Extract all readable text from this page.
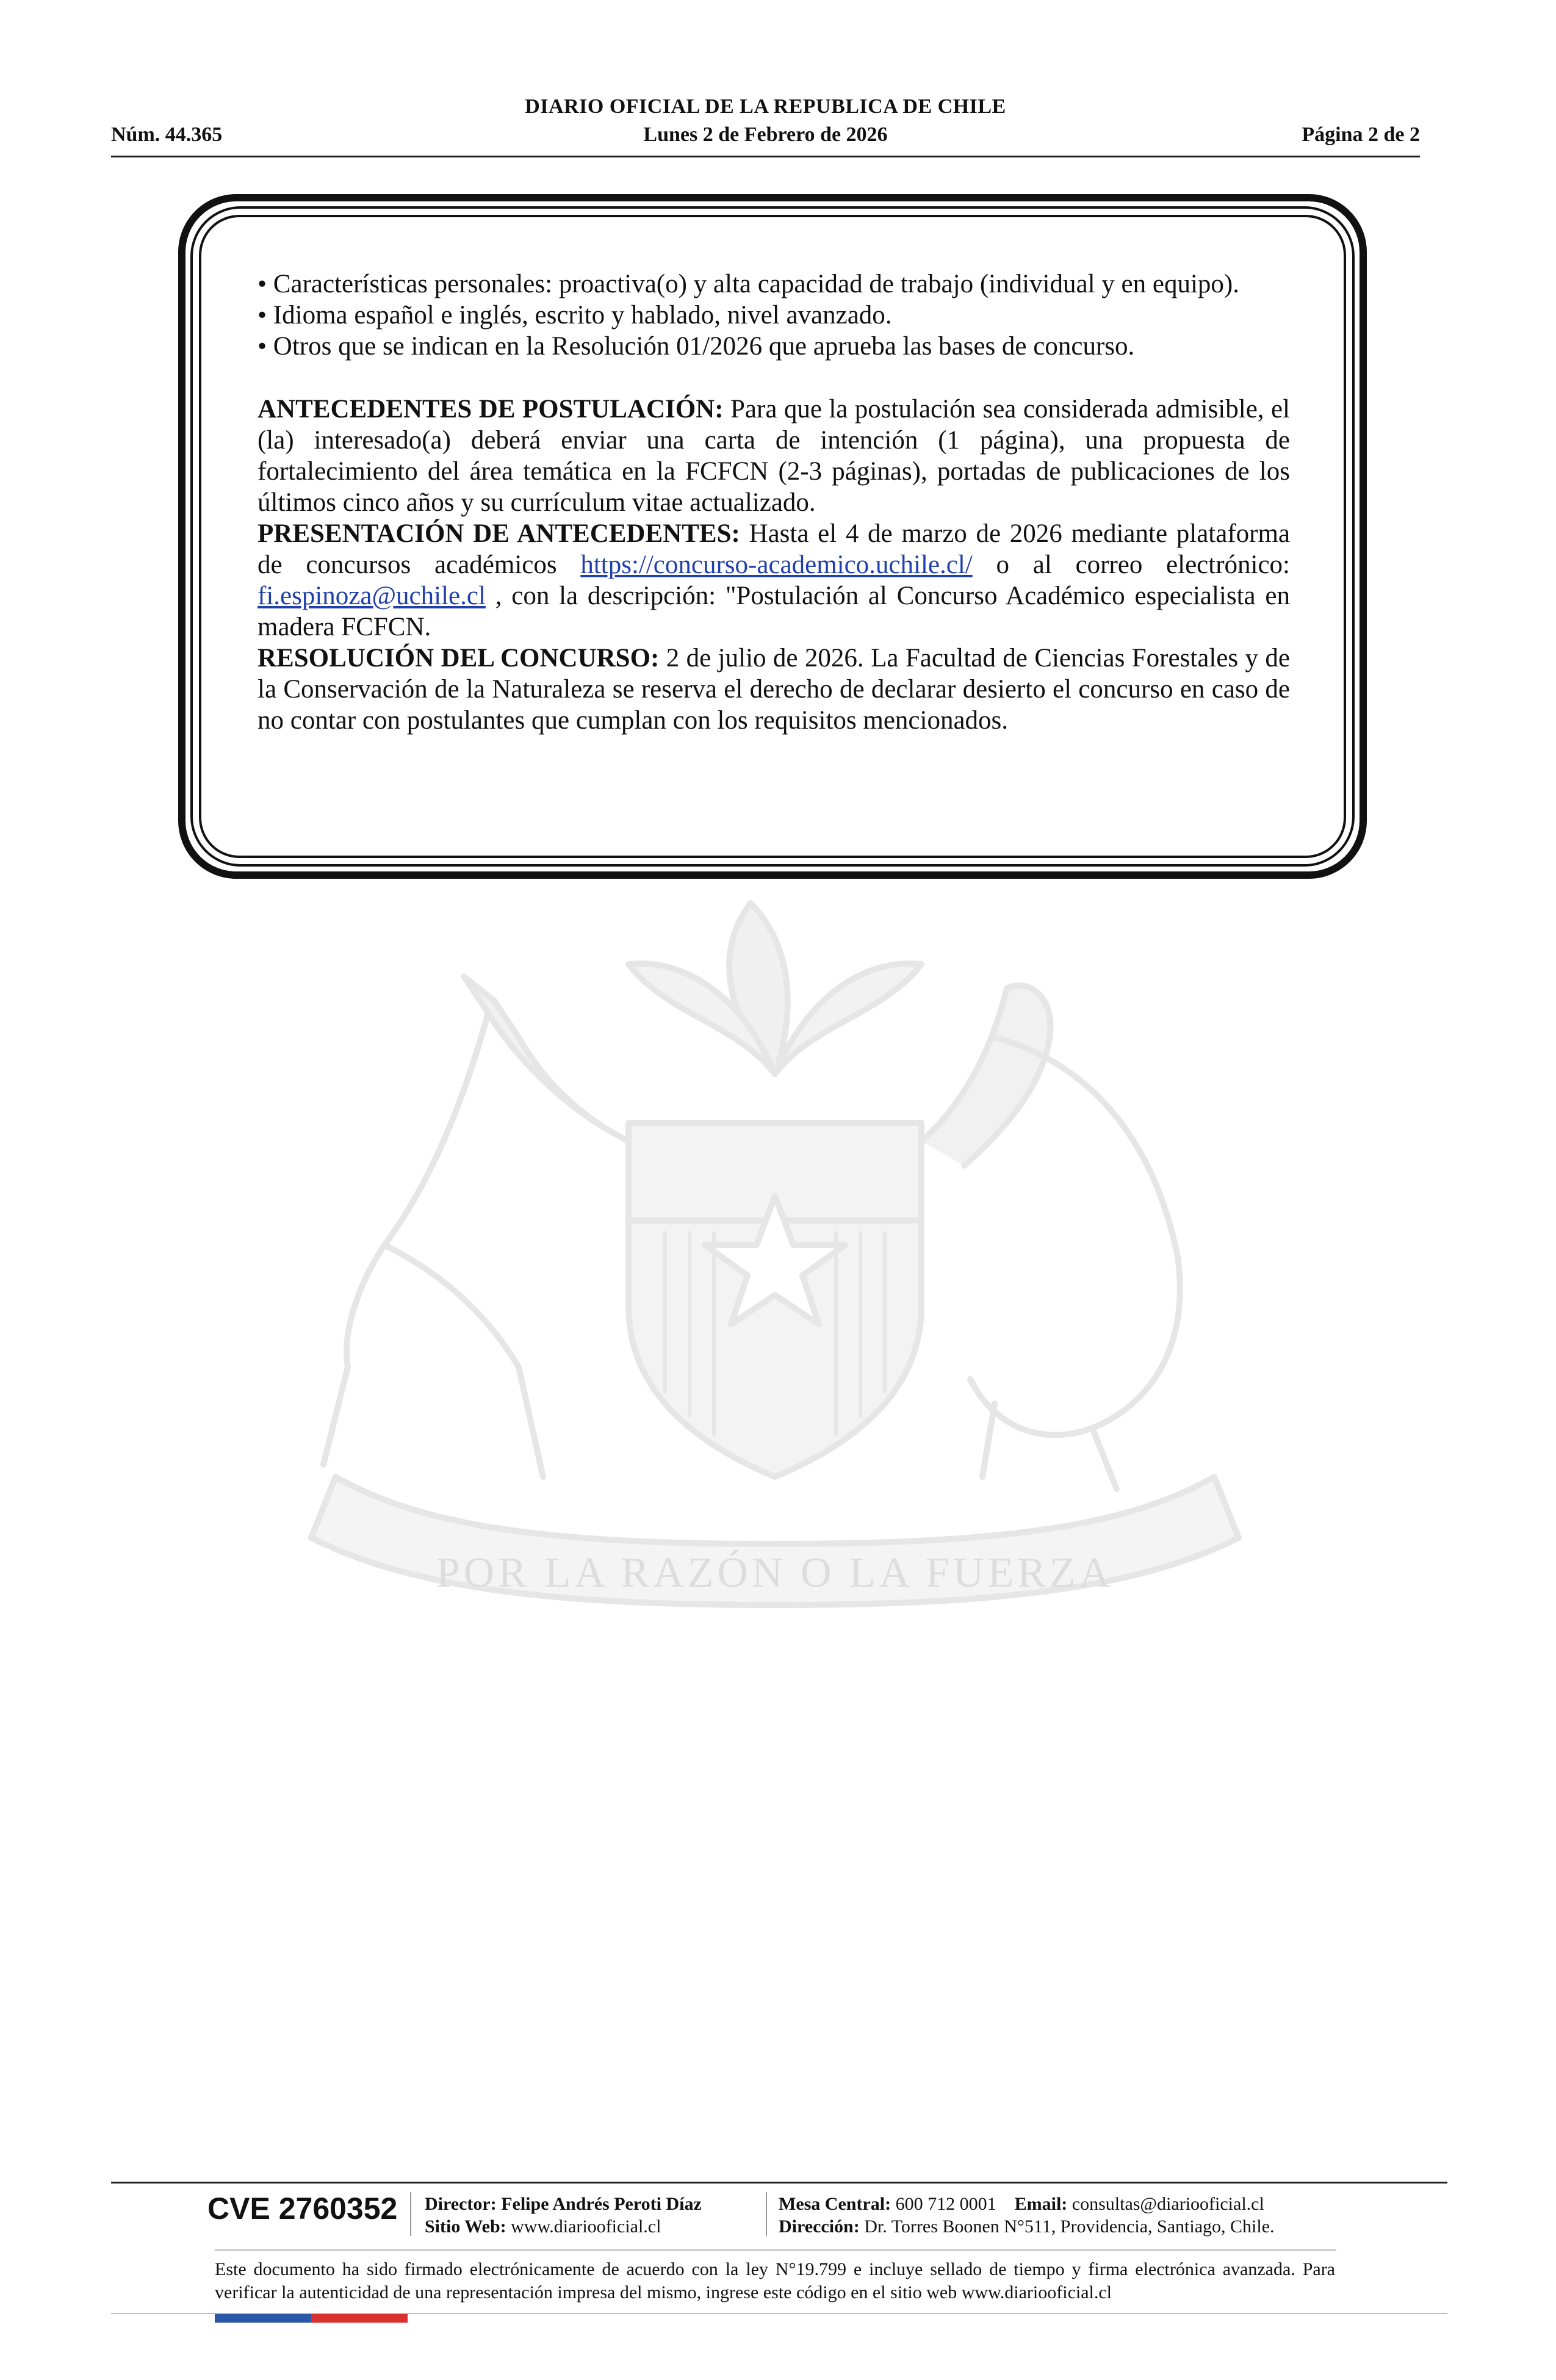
DIARIO OFICIAL DE LA REPUBLICA DE CHILE
Núm. 44.365	Lunes 2 de Febrero de 2026	Página 2 de 2

• Características personales: proactiva(o) y alta capacidad de trabajo (individual y en equipo).

• Idioma español e inglés, escrito y hablado, nivel avanzado.

• Otros que se indican en la Resolución 01/2026 que aprueba las bases de concurso.

ANTECEDENTES DE POSTULACIÓN: Para que la postulación sea considerada admisible, el (la) interesado(a) deberá enviar una carta de intención (1 página), una propuesta de fortalecimiento del área temática en la FCFCN (2-3 páginas), portadas de publicaciones de los últimos cinco años y su currículum vitae actualizado.

PRESENTACIÓN DE ANTECEDENTES: Hasta el 4 de marzo de 2026 mediante plataforma de concursos académicos https://concurso-academico.uchile.cl/ o al correo electrónico: fi.espinoza@uchile.cl , con la descripción: "Postulación al Concurso Académico especialista en madera FCFCN.

RESOLUCIÓN DEL CONCURSO: 2 de julio de 2026. La Facultad de Ciencias Forestales y de la Conservación de la Naturaleza se reserva el derecho de declarar desierto el concurso en caso de no contar con postulantes que cumplan con los requisitos mencionados.

POR LA RAZÓN O LA FUERZA
CVE 2760352 Director: Felipe Andrés Peroti Díaz
Sitio Web: www.diariooficial.cl
Mesa Central: 600 712 0001 Email: consultas@diariooficial.cl
Dirección: Dr. Torres Boonen N°511, Providencia, Santiago, Chile.
Este documento ha sido firmado electrónicamente de acuerdo con la ley N°19.799 e incluye sellado de tiempo y firma electrónica avanzada. Para verificar la autenticidad de una representación impresa del mismo, ingrese este código en el sitio web www.diariooficial.cl
